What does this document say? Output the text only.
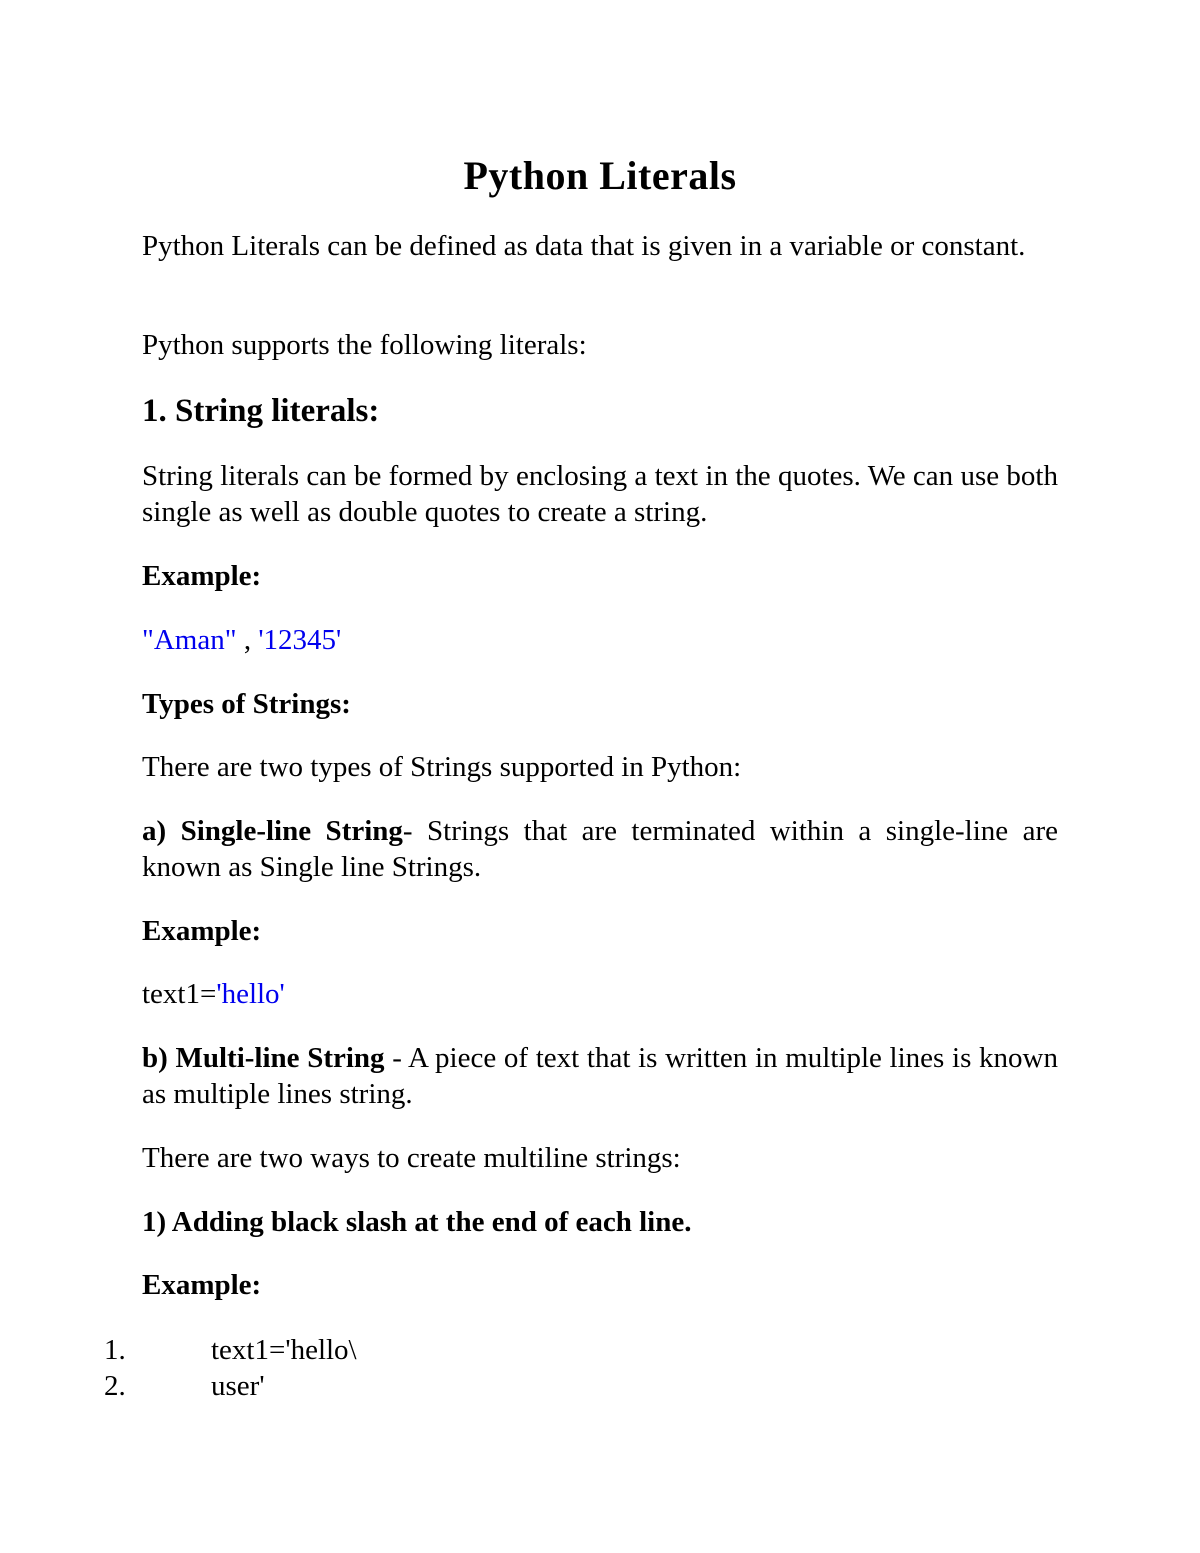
Python Literals
Python Literals can be defined as data that is given in a variable or constant.
Python supports the following literals:
1. String literals:
String literals can be formed by enclosing a text in the quotes. We can use both single as well as double quotes to create a string.
Example:
"Aman" , '12345'
Types of Strings:
There are two types of Strings supported in Python:
a) Single-line String- Strings that are terminated within a single-line are known as Single line Strings.
Example:
text1='hello'
b) Multi-line String - A piece of text that is written in multiple lines is known as multiple lines string.
There are two ways to create multiline strings:
1) Adding black slash at the end of each line.
Example:
1.	text1='hello\
2.	user'
